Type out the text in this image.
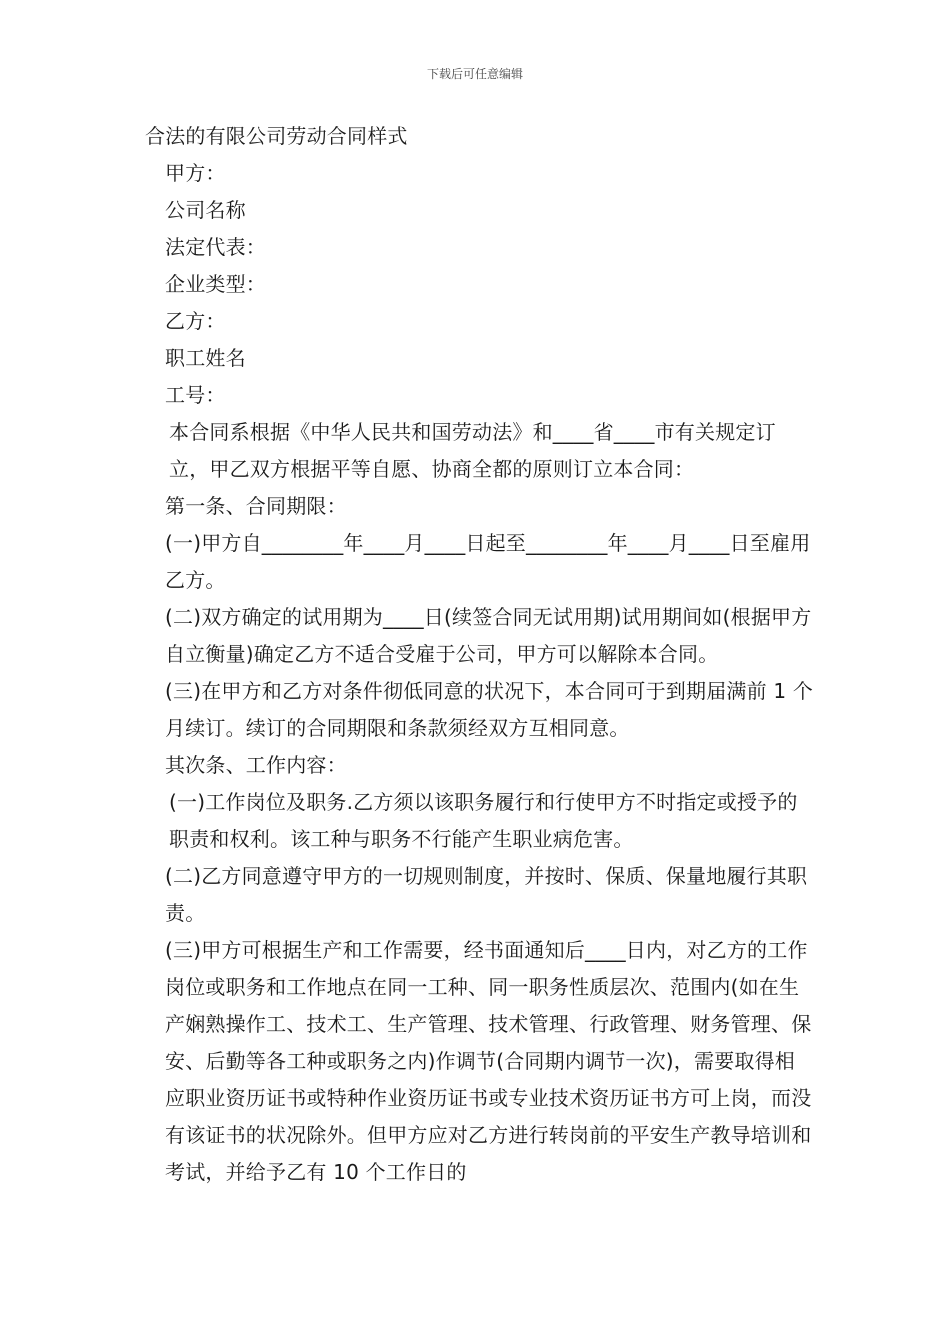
下载后可任意编辑

合法的有限公司劳动合同样式

甲方：

公司名称

法定代表：

企业类型：

乙方：

职工姓名

工号：

本合同系根据《中华人民共和国劳动法》和____省____市有关规定订立，甲乙双方根据平等自愿、协商全都的原则订立本合同：

第一条、合同期限：

(一)甲方自________年____月____日起至________年____月____日至雇用乙方。

(二)双方确定的试用期为____日(续签合同无试用期)试用期间如(根据甲方自立衡量)确定乙方不适合受雇于公司，甲方可以解除本合同。

(三)在甲方和乙方对条件彻低同意的状况下，本合同可于到期届满前 1 个月续订。续订的合同期限和条款须经双方互相同意。

其次条、工作内容：

(一)工作岗位及职务.乙方须以该职务履行和行使甲方不时指定或授予的职责和权利。该工种与职务不行能产生职业病危害。

(二)乙方同意遵守甲方的一切规则制度，并按时、保质、保量地履行其职责。

(三)甲方可根据生产和工作需要，经书面通知后____日内，对乙方的工作岗位或职务和工作地点在同一工种、同一职务性质层次、范围内(如在生产娴熟操作工、技术工、生产管理、技术管理、行政管理、财务管理、保安、后勤等各工种或职务之内)作调节(合同期内调节一次)，需要取得相应职业资历证书或特种作业资历证书或专业技术资历证书方可上岗，而没有该证书的状况除外。但甲方应对乙方进行转岗前的平安生产教导培训和考试，并给予乙有 10 个工作日的
